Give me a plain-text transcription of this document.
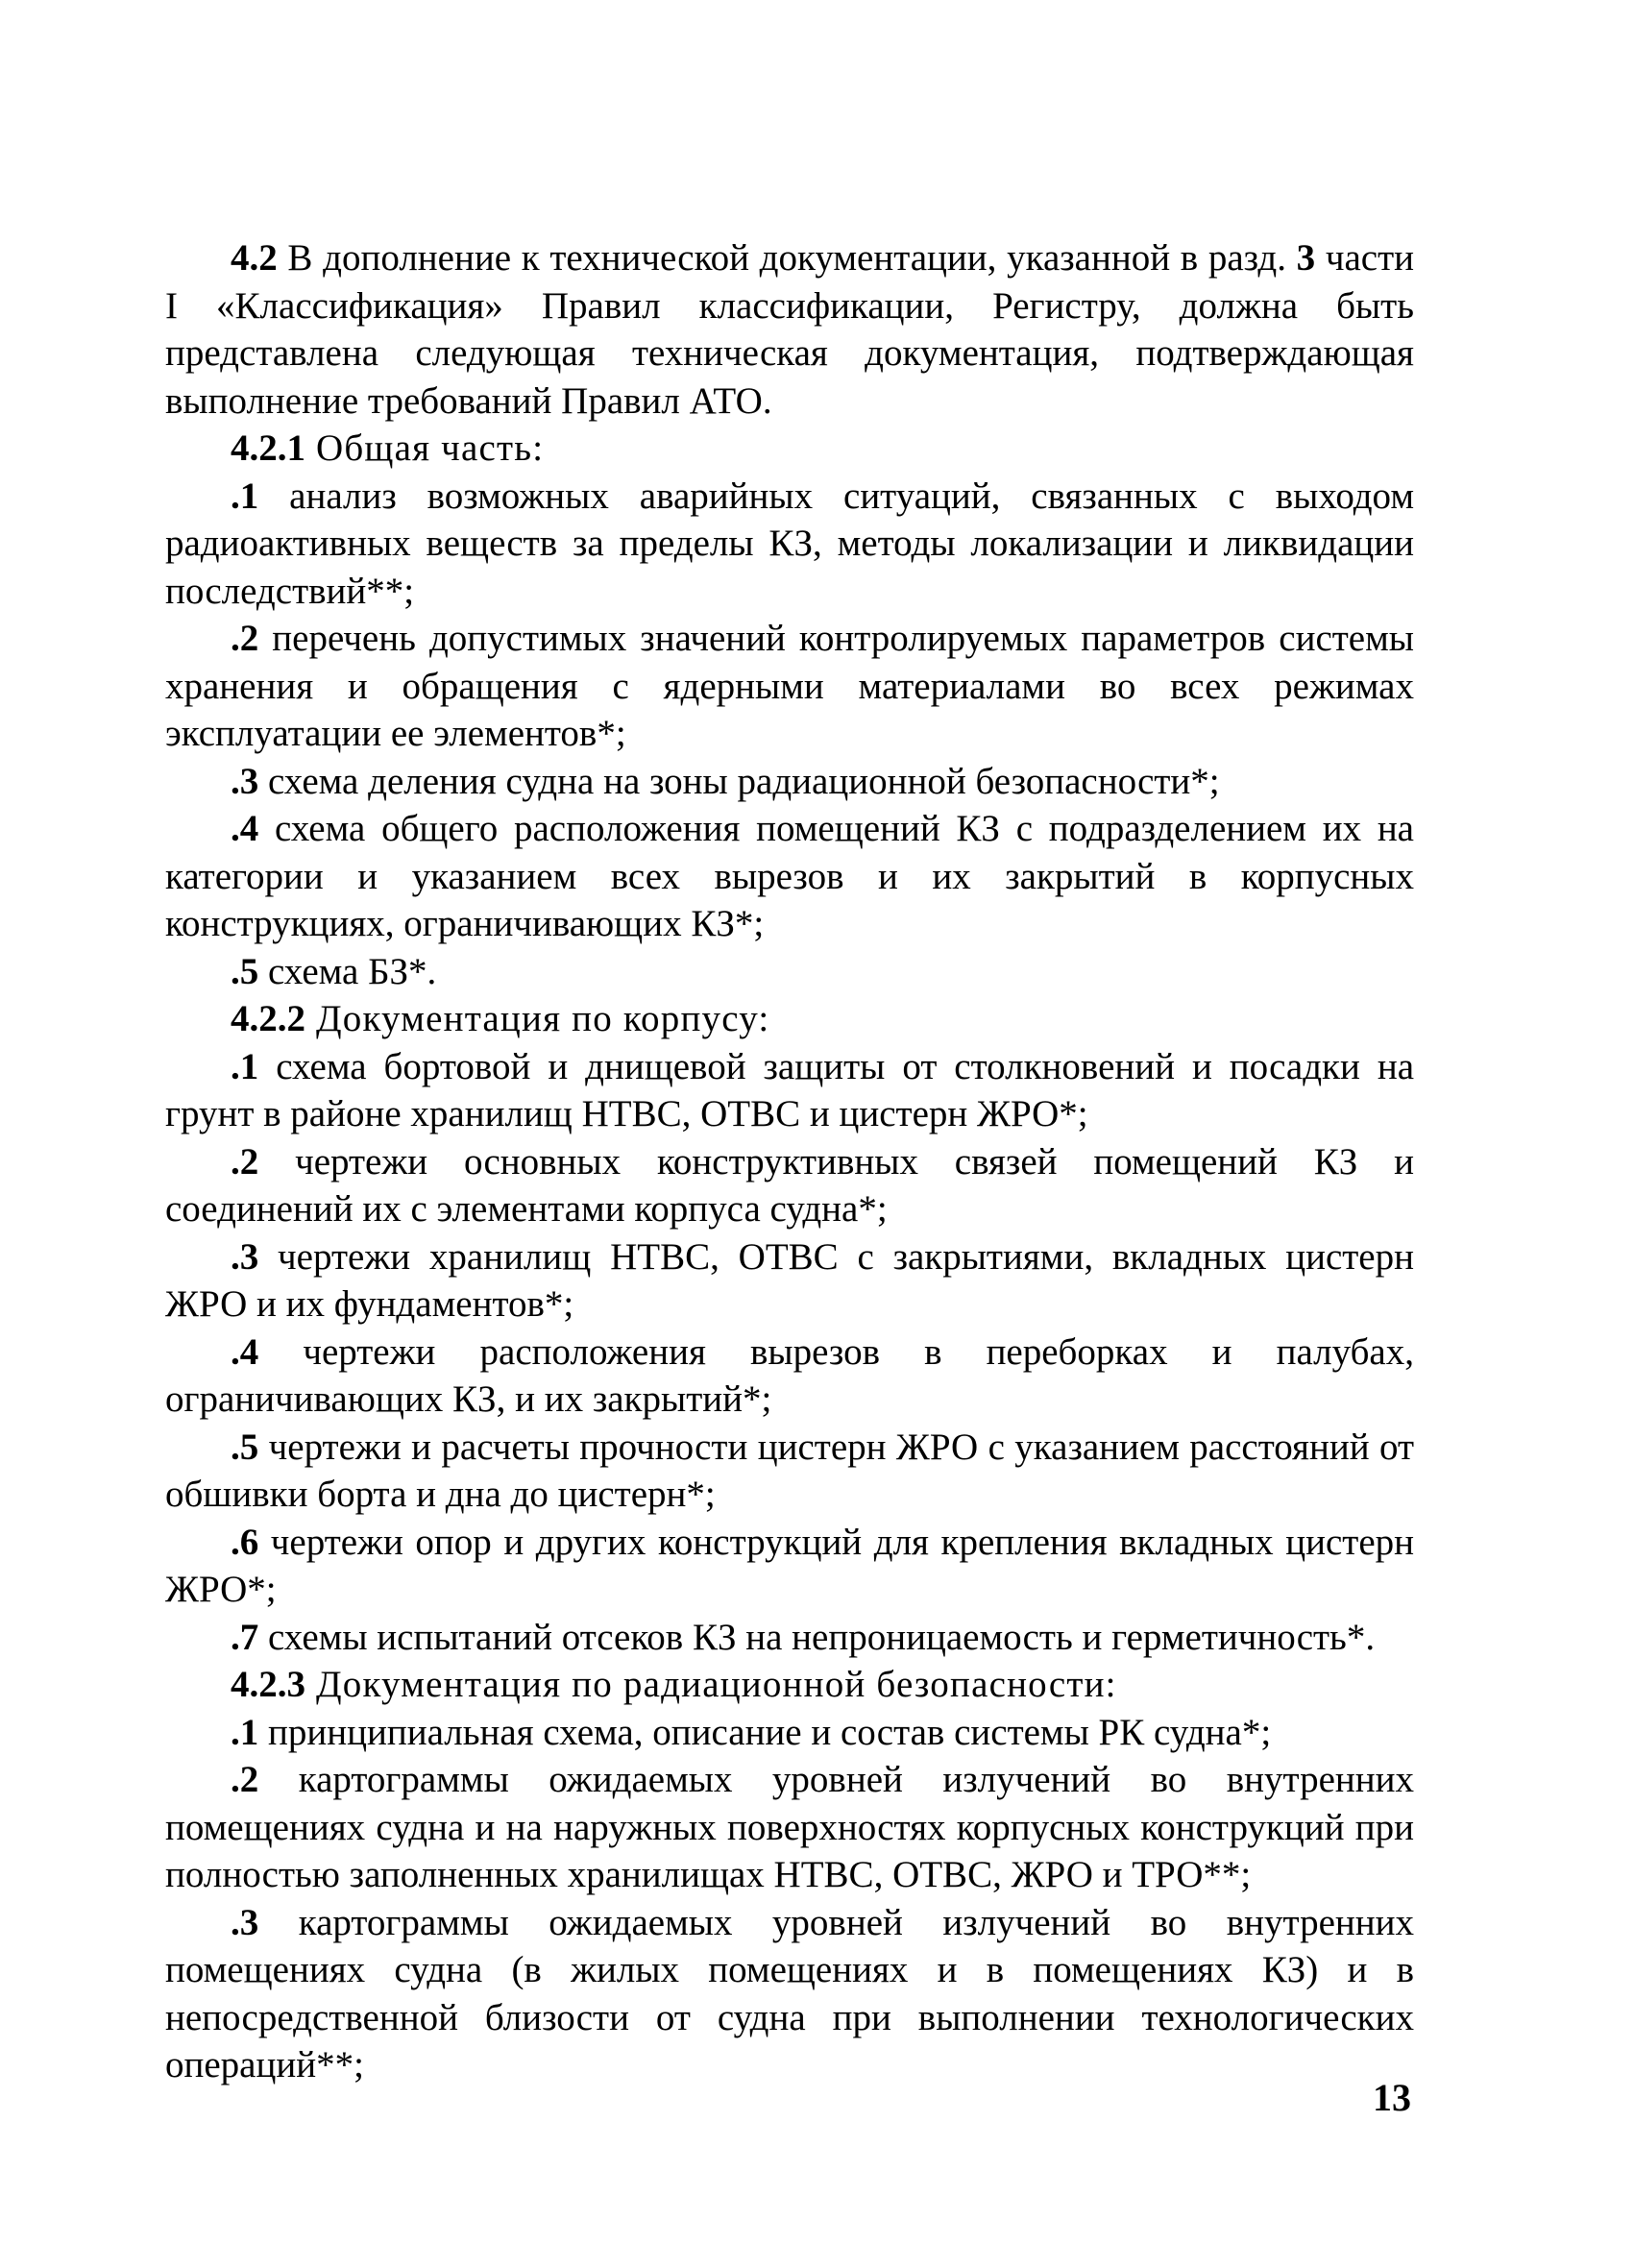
4.2 В дополнение к технической документации, указанной в разд. 3 части I «Классификация» Правил классификации, Регистру, должна быть представлена следующая техническая документация, подтверждающая выполнение требований Правил АТО.

4.2.1 Общая часть:

.1 анализ возможных аварийных ситуаций, связанных с выходом радиоактивных веществ за пределы КЗ, методы локализации и ликвидации последствий**;

.2 перечень допустимых значений контролируемых параметров системы хранения и обращения с ядерными материалами во всех режимах эксплуатации ее элементов*;

.3 схема деления судна на зоны радиационной безопасности*;

.4 схема общего расположения помещений КЗ с подразделением их на категории и указанием всех вырезов и их закрытий в корпусных конструкциях, ограничивающих КЗ*;

.5 схема БЗ*.

4.2.2 Документация по корпусу:

.1 схема бортовой и днищевой защиты от столкновений и посадки на грунт в районе хранилищ НТВС, ОТВС и цистерн ЖРО*;

.2 чертежи основных конструктивных связей помещений КЗ и соединений их с элементами корпуса судна*;

.3 чертежи хранилищ НТВС, ОТВС с закрытиями, вкладных цистерн ЖРО и их фундаментов*;

.4 чертежи расположения вырезов в переборках и палубах, ограничивающих КЗ, и их закрытий*;

.5 чертежи и расчеты прочности цистерн ЖРО с указанием расстояний от обшивки борта и дна до цистерн*;

.6 чертежи опор и других конструкций для крепления вкладных цистерн ЖРО*;

.7 схемы испытаний отсеков КЗ на непроницаемость и герметичность*.

4.2.3 Документация по радиационной безопасности:

.1 принципиальная схема, описание и состав системы РК судна*;

.2 картограммы ожидаемых уровней излучений во внутренних помещениях судна и на наружных поверхностях корпусных конструкций при полностью заполненных хранилищах НТВС, ОТВС, ЖРО и ТРО**;

.3 картограммы ожидаемых уровней излучений во внутренних помещениях судна (в жилых помещениях и в помещениях КЗ) и в непосредственной близости от судна при выполнении технологических операций**;

13
